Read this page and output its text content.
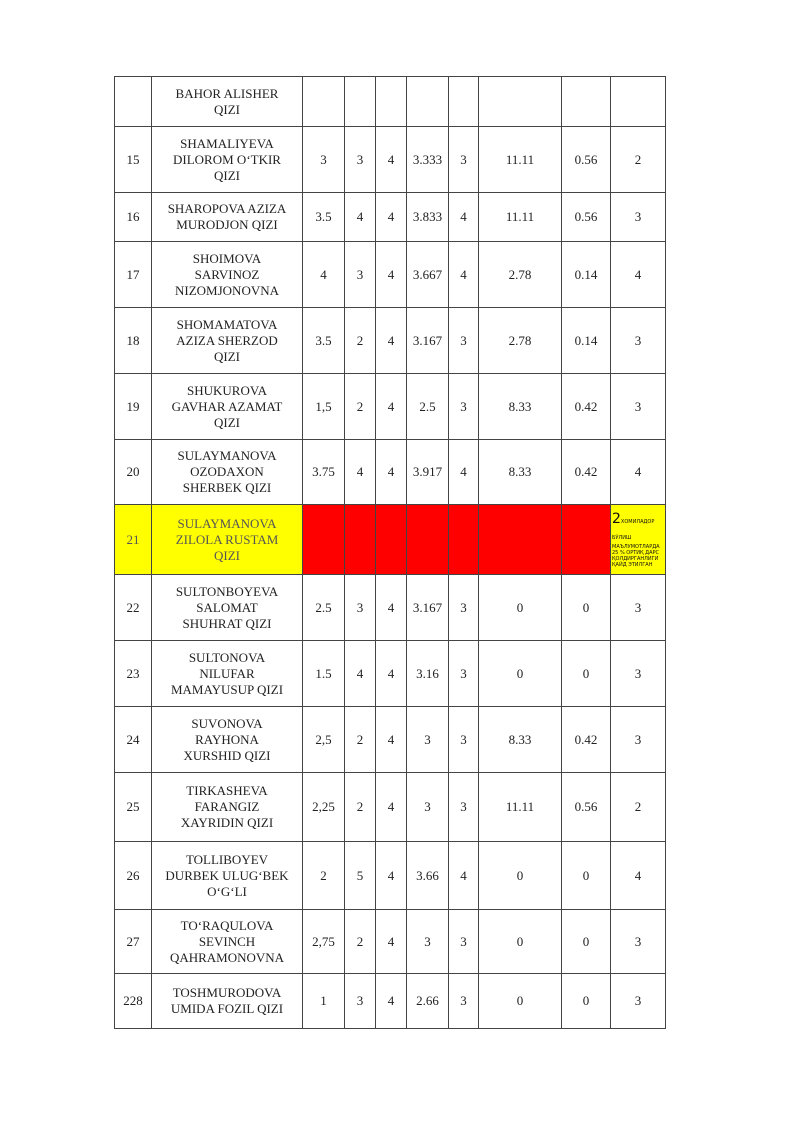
	BAHOR ALISHER
QIZI								
15	SHAMALIYEVA
DILOROM O‘TKIR
QIZI	3	3	4	3.333	3	11.11	0.56	2
16	SHAROPOVA AZIZA
MURODJON QIZI	3.5	4	4	3.833	4	11.11	0.56	3
17	SHOIMOVA
SARVINOZ
NIZOMJONOVNA	4	3	4	3.667	4	2.78	0.14	4
18	SHOMAMATOVA
AZIZA SHERZOD
QIZI	3.5	2	4	3.167	3	2.78	0.14	3
19	SHUKUROVA
GAVHAR AZAMAT
QIZI	1,5	2	4	2.5	3	8.33	0.42	3
20	SULAYMANOVA
OZODAXON
SHERBEK QIZI	3.75	4	4	3.917	4	8.33	0.42	4
21	SULAYMANOVA
ZILOLA RUSTAM
QIZI								2ХОМИЛАДОР БЎЛИШ
МАЪЛУМОТЛАРДА 25 % ОРТИҚ ДАРС ҚОЛДИРГАНЛИГИ ҚАЙД ЭТИЛГАН

22	SULTONBOYEVA
SALOMAT
SHUHRAT QIZI	2.5	3	4	3.167	3	0	0	3
23	SULTONOVA
NILUFAR
MAMAYUSUP QIZI	1.5	4	4	3.16	3	0	0	3
24	SUVONOVA
RAYHONA
XURSHID QIZI	2,5	2	4	3	3	8.33	0.42	3
25	TIRKASHEVA
FARANGIZ
XAYRIDIN QIZI	2,25	2	4	3	3	11.11	0.56	2
26	TOLLIBOYEV
DURBEK ULUG‘BEK
O‘G‘LI	2	5	4	3.66	4	0	0	4
27	TO‘RAQULOVA
SEVINCH
QAHRAMONOVNA	2,75	2	4	3	3	0	0	3
228	TOSHMURODOVA
UMIDA FOZIL QIZI	1	3	4	2.66	3	0	0	3
